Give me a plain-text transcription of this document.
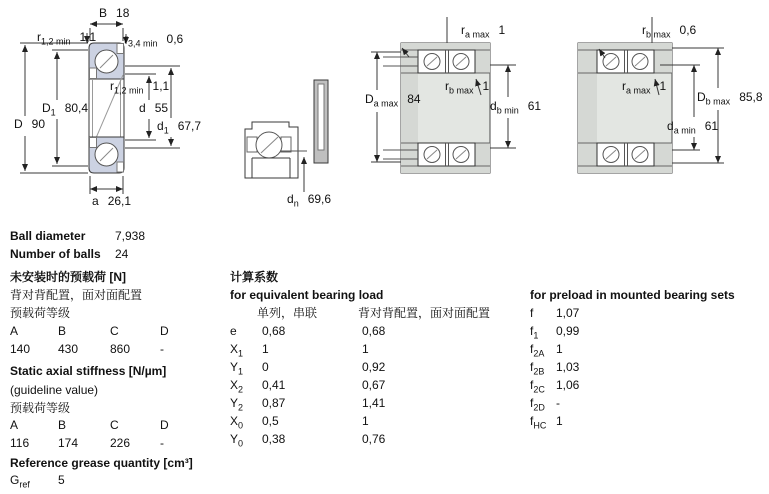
B 18
$r_{1,2 min}$ 1,1 $r_{3,4 min}$ 0,6
$r_{1,2 min}$ 1,1
$D_1$ 80,4	d 55
$d_1$ 67,7
D 90
a 26,1	$d_n$ 69,6
$r_{a max}$ 1
$D_{a max}$ 84
$r_{b max}$ 1
$d_{b min}$ 61
$r_{b max}$ 0,6
$r_{a max}$ 1
$D_{b max}$ 85,8
$d_{a min}$ 61
Ball diameter 7,938
Number of balls 24
未安装时的预载荷 [N]
背对背配置，面对面配置
预载荷等级
A	B	C	D
140 430	860 -
Static axial stiffness [N/µm]
(guideline value)
预载荷等级
A	B	C	D
116 174	226 -
Reference grease quantity [cm³]
$G_{ref}$ 5
计算系数
for equivalent bearing load
单列，串联	背对背配置，面对面配置
e 0,68	0,68
$X_1$ 1	1
$Y_1$ 0	0,92
$X_2$ 0,41	0,67
$Y_2$ 0,87	1,41
$X_0$ 0,5	1
$Y_0$ 0,38	0,76
for preload in mounted bearing sets
f 1,07
$f_1$ 0,99
$f_{2A}$ 1
$f_{2B}$ 1,03
$f_{2C}$ 1,06
$f_{2D}$ -
$f_{HC}$ 1
